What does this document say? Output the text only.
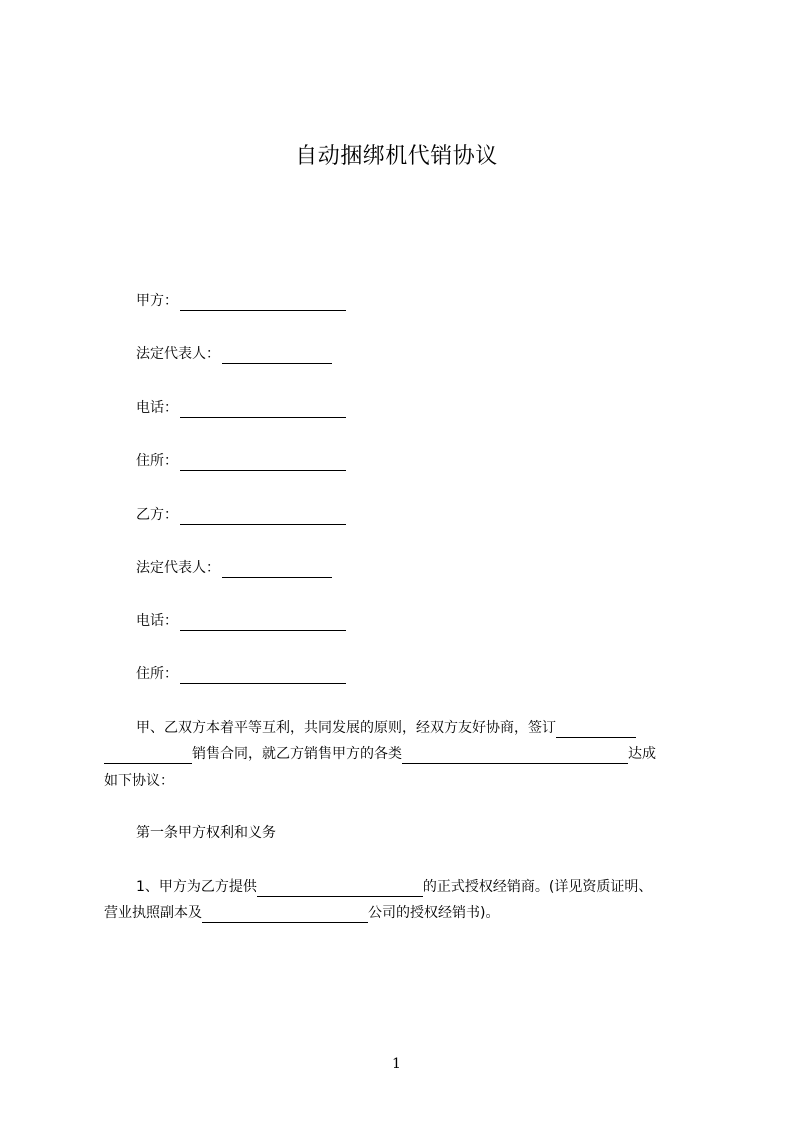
自动捆绑机代销协议
甲方：
法定代表人：
电话：
住所：
乙方：
法定代表人：
电话：
住所：
甲、乙双方本着平等互利，共同发展的原则，经双方友好协商，签订
销售合同，就乙方销售甲方的各类	达成
如下协议：
第一条甲方权利和义务
1、甲方为乙方提供	的正式授权经销商。(详见资质证明、
营业执照副本及	公司的授权经销书)。
1
